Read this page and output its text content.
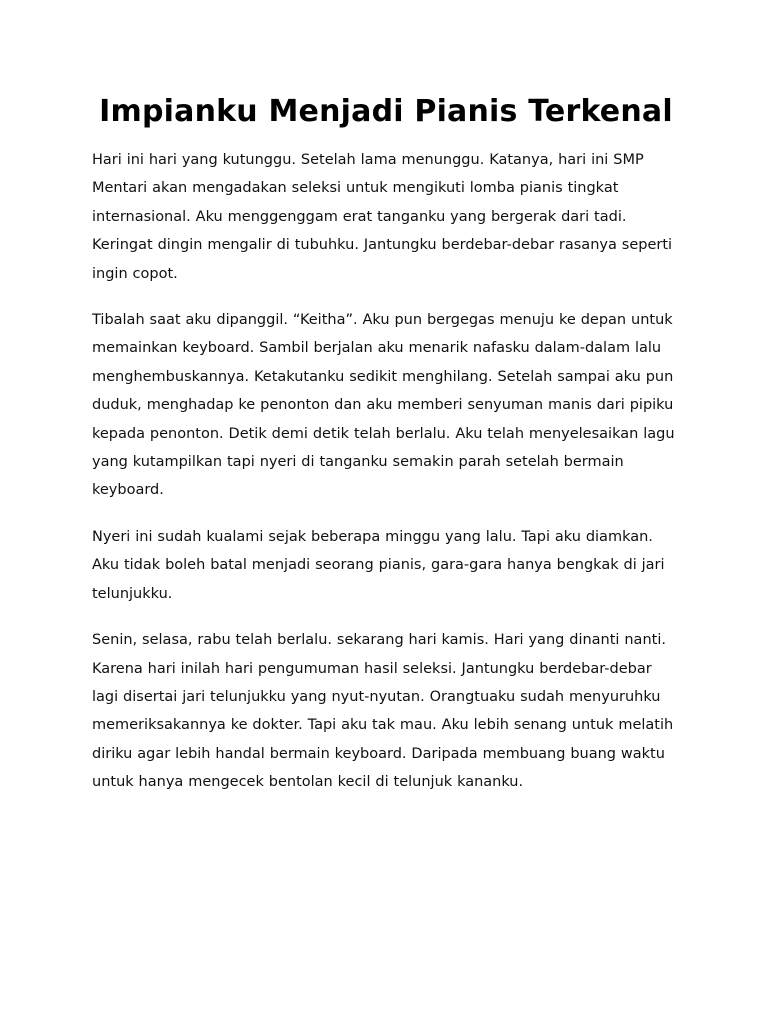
Impianku Menjadi Pianis Terkenal

Hari ini hari yang kutunggu. Setelah lama menunggu. Katanya, hari ini SMP Mentari akan mengadakan seleksi untuk mengikuti lomba pianis tingkat internasional. Aku menggenggam erat tanganku yang bergerak dari tadi. Keringat dingin mengalir di tubuhku. Jantungku berdebar-debar rasanya seperti ingin copot.

Tibalah saat aku dipanggil. “Keitha”. Aku pun bergegas menuju ke depan untuk memainkan keyboard. Sambil berjalan aku menarik nafasku dalam-dalam lalu menghembuskannya. Ketakutanku sedikit menghilang. Setelah sampai aku pun duduk, menghadap ke penonton dan aku memberi senyuman manis dari pipiku kepada penonton. Detik demi detik telah berlalu. Aku telah menyelesaikan lagu yang kutampilkan tapi nyeri di tanganku semakin parah setelah bermain keyboard.

Nyeri ini sudah kualami sejak beberapa minggu yang lalu. Tapi aku diamkan. Aku tidak boleh batal menjadi seorang pianis, gara-gara hanya bengkak di jari telunjukku.

Senin, selasa, rabu telah berlalu. sekarang hari kamis. Hari yang dinanti nanti. Karena hari inilah hari pengumuman hasil seleksi. Jantungku berdebar-debar lagi disertai jari telunjukku yang nyut-nyutan. Orangtuaku sudah menyuruhku memeriksakannya ke dokter. Tapi aku tak mau. Aku lebih senang untuk melatih diriku agar lebih handal bermain keyboard. Daripada membuang buang waktu untuk hanya mengecek bentolan kecil di telunjuk kananku.
